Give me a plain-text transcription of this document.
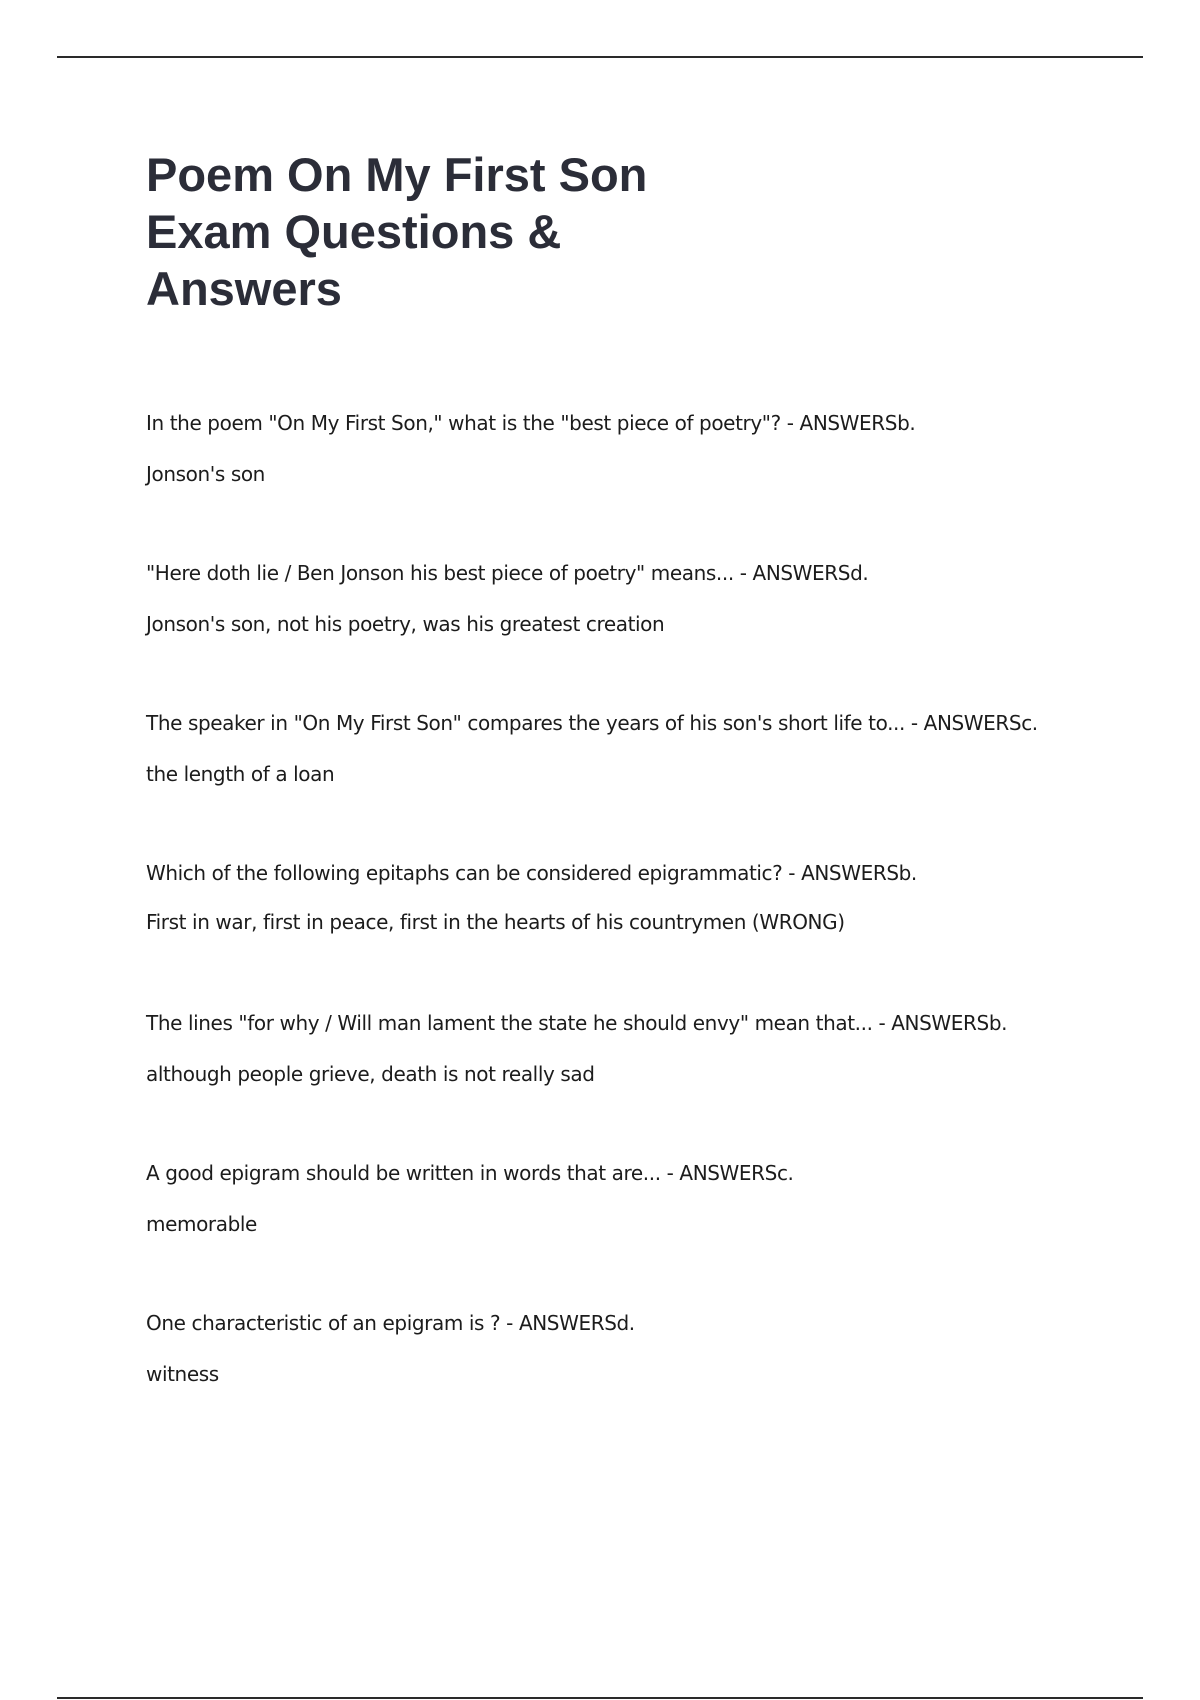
Poem On My First Son Exam Questions & Answers
In the poem "On My First Son," what is the "best piece of poetry"? - ANSWERSb.
Jonson's son
"Here doth lie / Ben Jonson his best piece of poetry" means... - ANSWERSd.
Jonson's son, not his poetry, was his greatest creation
The speaker in "On My First Son" compares the years of his son's short life to... - ANSWERSc.
the length of a loan
Which of the following epitaphs can be considered epigrammatic? - ANSWERSb.
First in war, first in peace, first in the hearts of his countrymen (WRONG)
The lines "for why / Will man lament the state he should envy" mean that... - ANSWERSb.
although people grieve, death is not really sad
A good epigram should be written in words that are... - ANSWERSc.
memorable
One characteristic of an epigram is ? - ANSWERSd.
witness
